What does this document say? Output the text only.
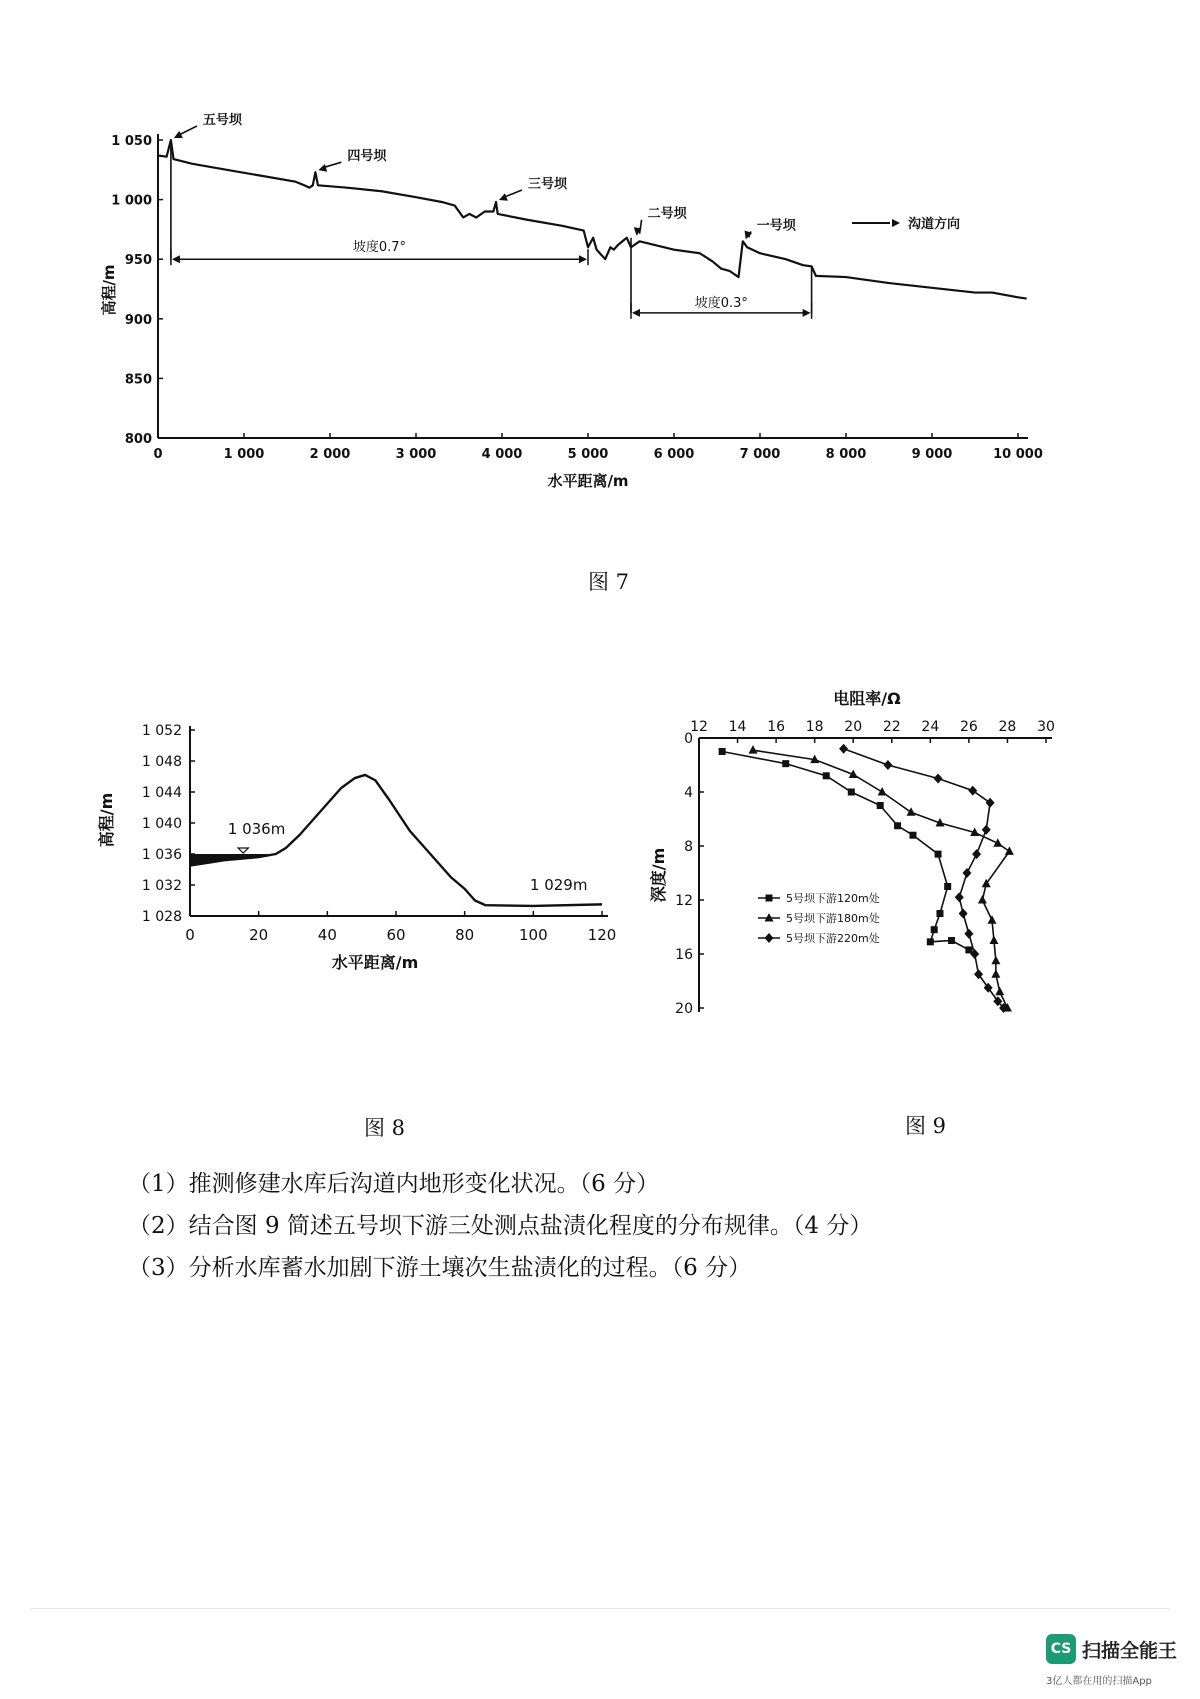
1 050
1 000
950
900
850
800
0	1 000	2 000	3 000	4 000	5 000	6 000	7 000	8 000	9 000	10 000
水平距离/m
高程/m
五号坝
四号坝
三号坝
二号坝
一号坝	沟道方向
坡度0.7°
坡度0.3°
图 7
1 052
1 048
1 044
1 040
1 036
1 032
1 028
0	20	40	60	80	100	120
水平距离/m
高程/m	1 036m
1 029m
图 8
12 14 16 18 20 22 24 26 28 30
0
4
8
12
16
20
电阻率/Ω
深度/m	5号坝下游120m处
5号坝下游180m处
5号坝下游220m处
图 9
（1）推测修建水库后沟道内地形变化状况。（6 分）
（2）结合图 9 简述五号坝下游三处测点盐渍化程度的分布规律。（4 分）
（3）分析水库蓄水加剧下游土壤次生盐渍化的过程。（6 分）
CS 扫描全能王
3亿人都在用的扫描App
